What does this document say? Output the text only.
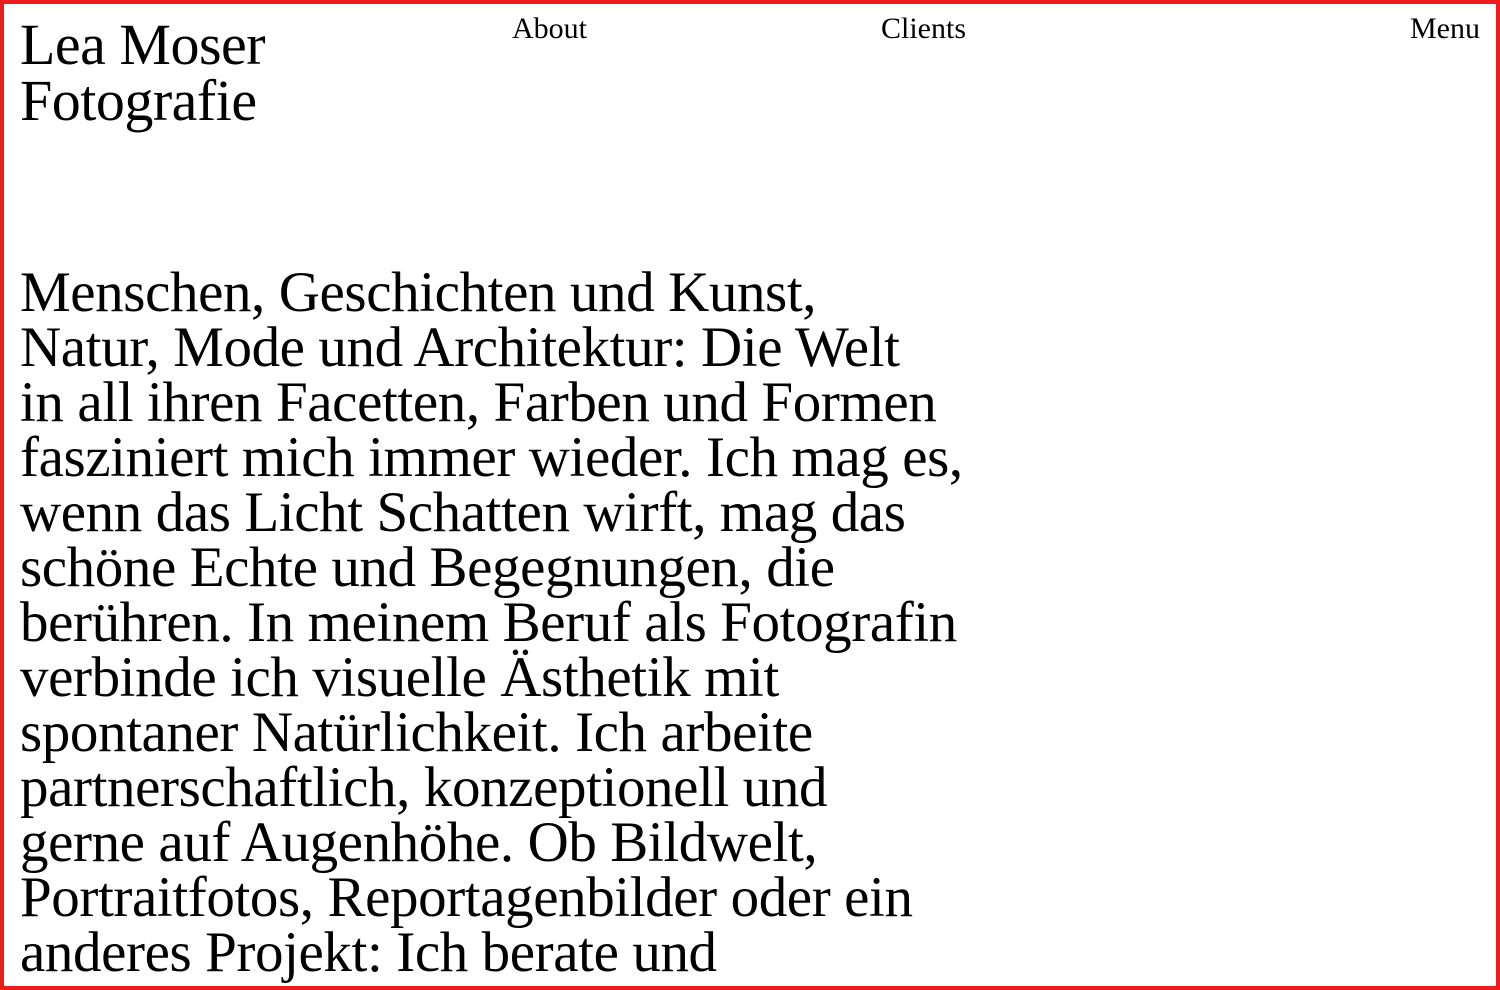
Lea Moser
Fotografie
About	Clients	Menu

Menschen, Geschichten und Kunst,
Natur, Mode und Architektur: Die Welt
in all ihren Facetten, Farben und Formen
fasziniert mich immer wieder. Ich mag es,
wenn das Licht Schatten wirft, mag das
schöne Echte und Begegnungen, die
berühren. In meinem Beruf als Fotografin
verbinde ich visuelle Ästhetik mit
spontaner Natürlichkeit. Ich arbeite
partnerschaftlich, konzeptionell und
gerne auf Augenhöhe. Ob Bildwelt,
Portraitfotos, Reportagenbilder oder ein
anderes Projekt: Ich berate und
